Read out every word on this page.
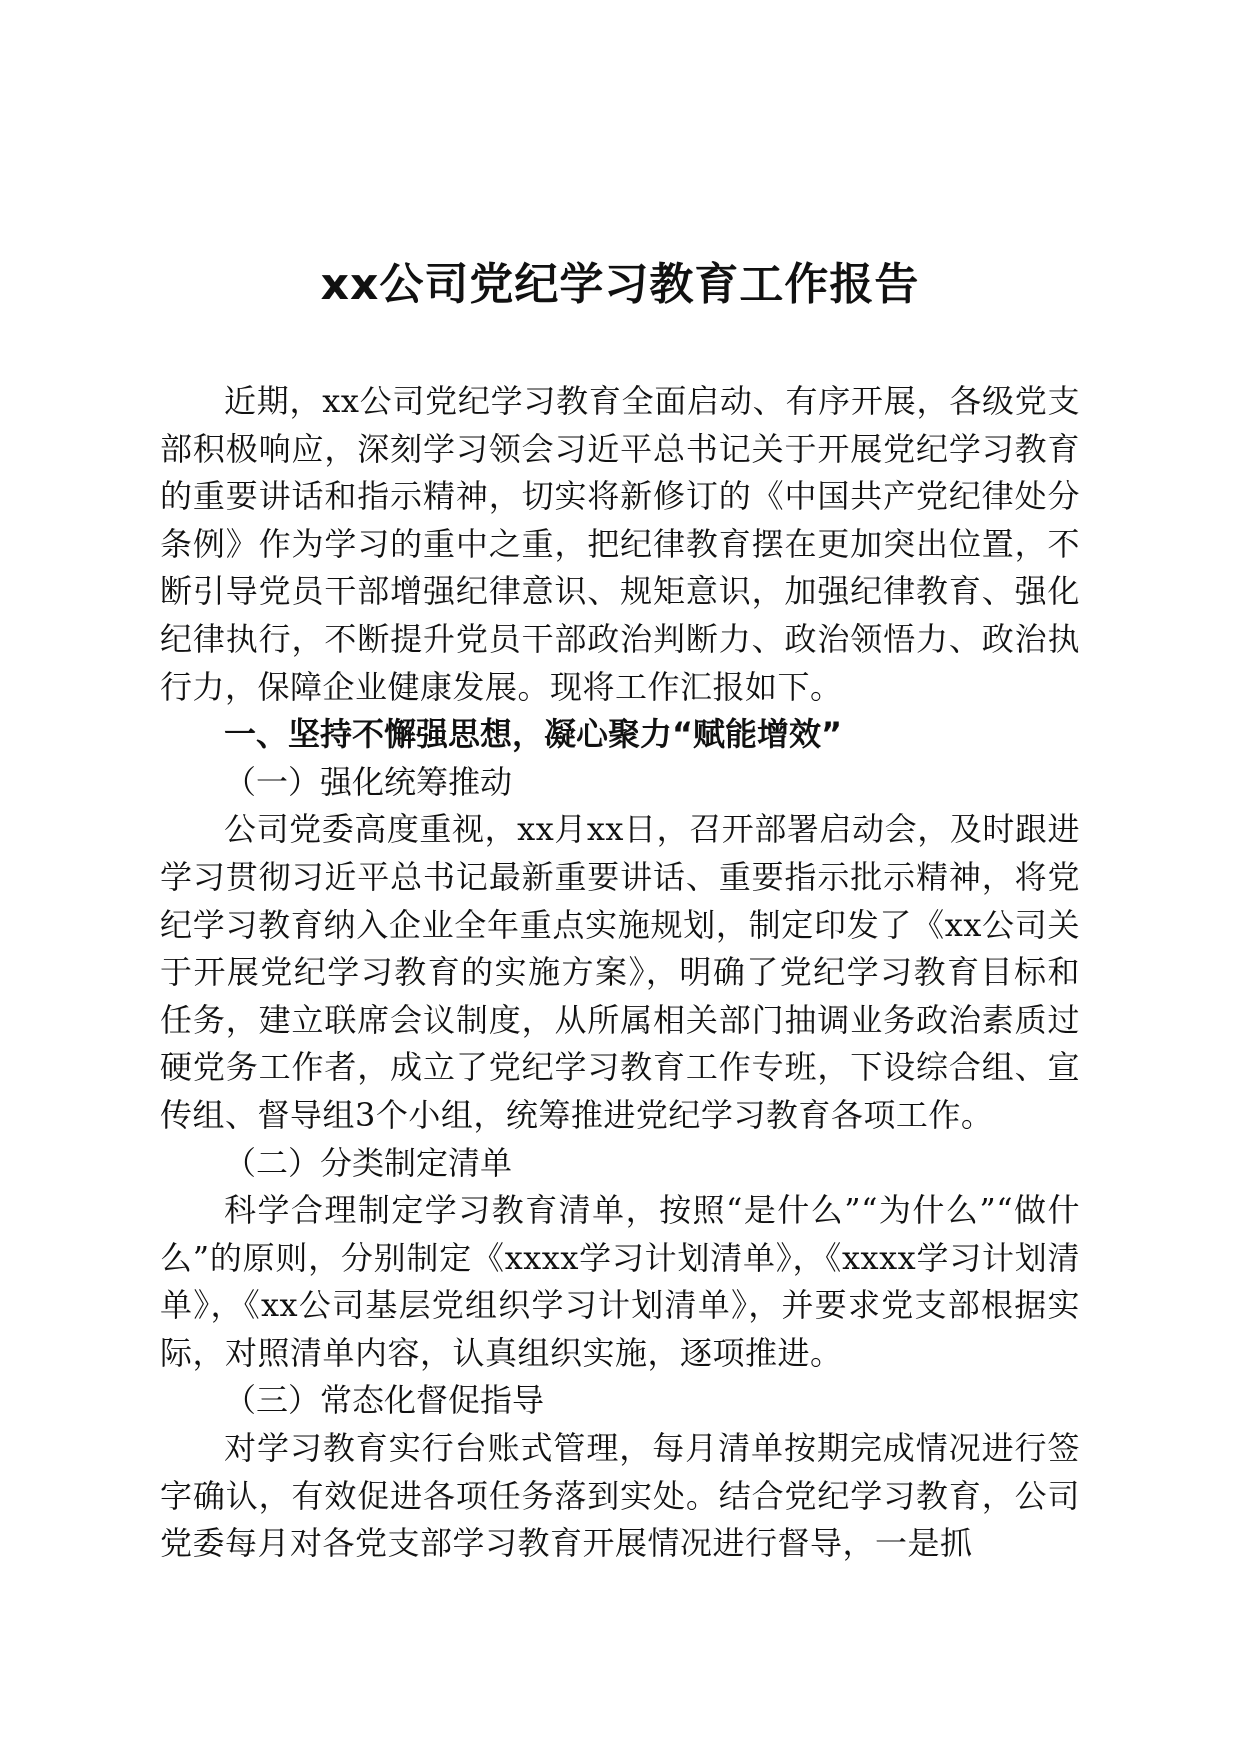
xx公司党纪学习教育工作报告

近期，xx公司党纪学习教育全面启动、有序开展，各级党支部积极响应，深刻学习领会习近平总书记关于开展党纪学习教育的重要讲话和指示精神，切实将新修订的《中国共产党纪律处分条例》作为学习的重中之重，把纪律教育摆在更加突出位置，不断引导党员干部增强纪律意识、规矩意识，加强纪律教育、强化纪律执行，不断提升党员干部政治判断力、政治领悟力、政治执行力，保障企业健康发展。现将工作汇报如下。

一、坚持不懈强思想，凝心聚力“赋能增效”

（一）强化统筹推动

公司党委高度重视，xx月xx日，召开部署启动会，及时跟进学习贯彻习近平总书记最新重要讲话、重要指示批示精神，将党纪学习教育纳入企业全年重点实施规划，制定印发了《xx公司关于开展党纪学习教育的实施方案》，明确了党纪学习教育目标和任务，建立联席会议制度，从所属相关部门抽调业务政治素质过硬党务工作者，成立了党纪学习教育工作专班，下设综合组、宣传组、督导组3个小组，统筹推进党纪学习教育各项工作。

（二）分类制定清单

科学合理制定学习教育清单，按照“是什么”“为什么”“做什么”的原则，分别制定《xxxx学习计划清单》，《xxxx学习计划清单》，《xx公司基层党组织学习计划清单》，并要求党支部根据实际，对照清单内容，认真组织实施，逐项推进。

（三）常态化督促指导

对学习教育实行台账式管理，每月清单按期完成情况进行签字确认，有效促进各项任务落到实处。结合党纪学习教育，公司党委每月对各党支部学习教育开展情况进行督导，一是抓
